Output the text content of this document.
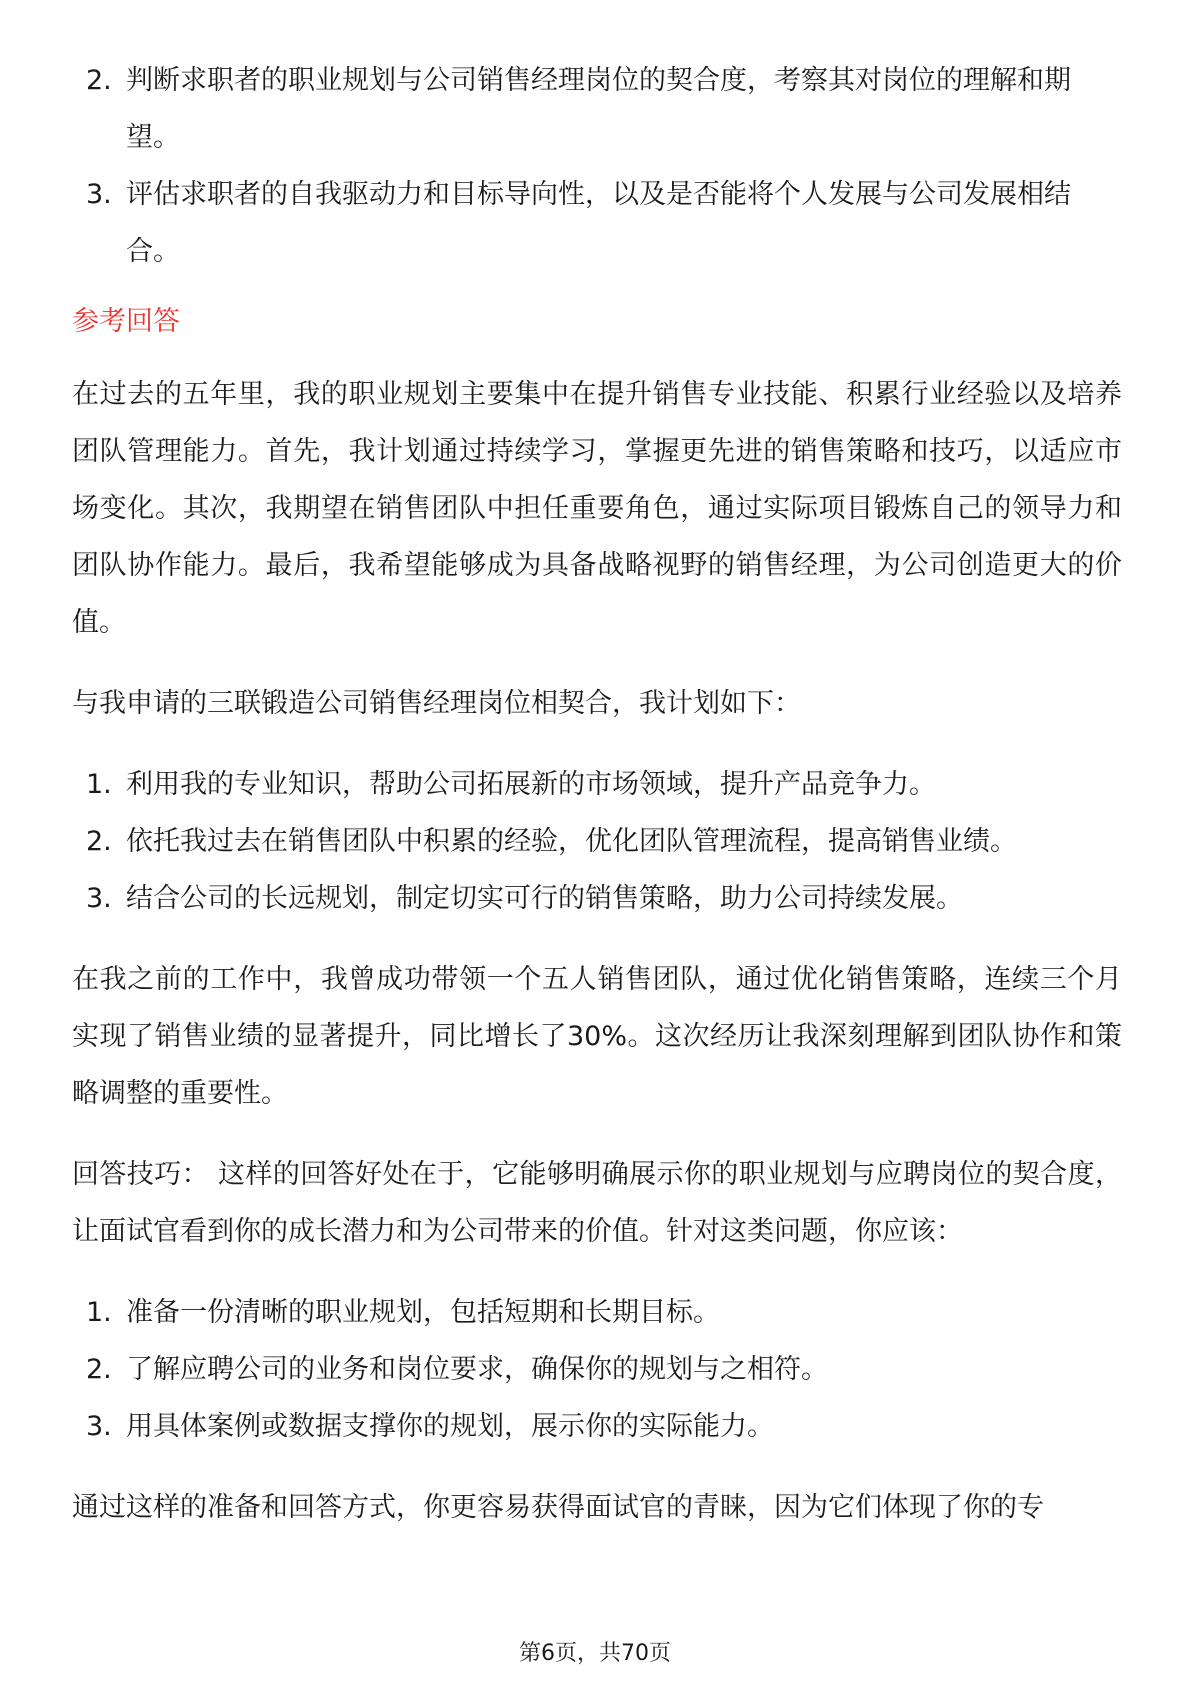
2. 判断求职者的职业规划与公司销售经理岗位的契合度，考察其对岗位的理解和期望。
3. 评估求职者的自我驱动力和目标导向性，以及是否能将个人发展与公司发展相结合。
参考回答

在过去的五年里，我的职业规划主要集中在提升销售专业技能、积累行业经验以及培养团队管理能力。首先，我计划通过持续学习，掌握更先进的销售策略和技巧，以适应市场变化。其次，我期望在销售团队中担任重要角色，通过实际项目锻炼自己的领导力和团队协作能力。最后，我希望能够成为具备战略视野的销售经理，为公司创造更大的价值。

与我申请的三联锻造公司销售经理岗位相契合，我计划如下：

1. 利用我的专业知识，帮助公司拓展新的市场领域，提升产品竞争力。
2. 依托我过去在销售团队中积累的经验，优化团队管理流程，提高销售业绩。
3. 结合公司的长远规划，制定切实可行的销售策略，助力公司持续发展。

在我之前的工作中，我曾成功带领一个五人销售团队，通过优化销售策略，连续三个月实现了销售业绩的显著提升，同比增长了30%。这次经历让我深刻理解到团队协作和策略调整的重要性。

回答技巧： 这样的回答好处在于，它能够明确展示你的职业规划与应聘岗位的契合度，让面试官看到你的成长潜力和为公司带来的价值。针对这类问题，你应该：

1. 准备一份清晰的职业规划，包括短期和长期目标。
2. 了解应聘公司的业务和岗位要求，确保你的规划与之相符。
3. 用具体案例或数据支撑你的规划，展示你的实际能力。

通过这样的准备和回答方式，你更容易获得面试官的青睐，因为它们体现了你的专

第6页，共70页
